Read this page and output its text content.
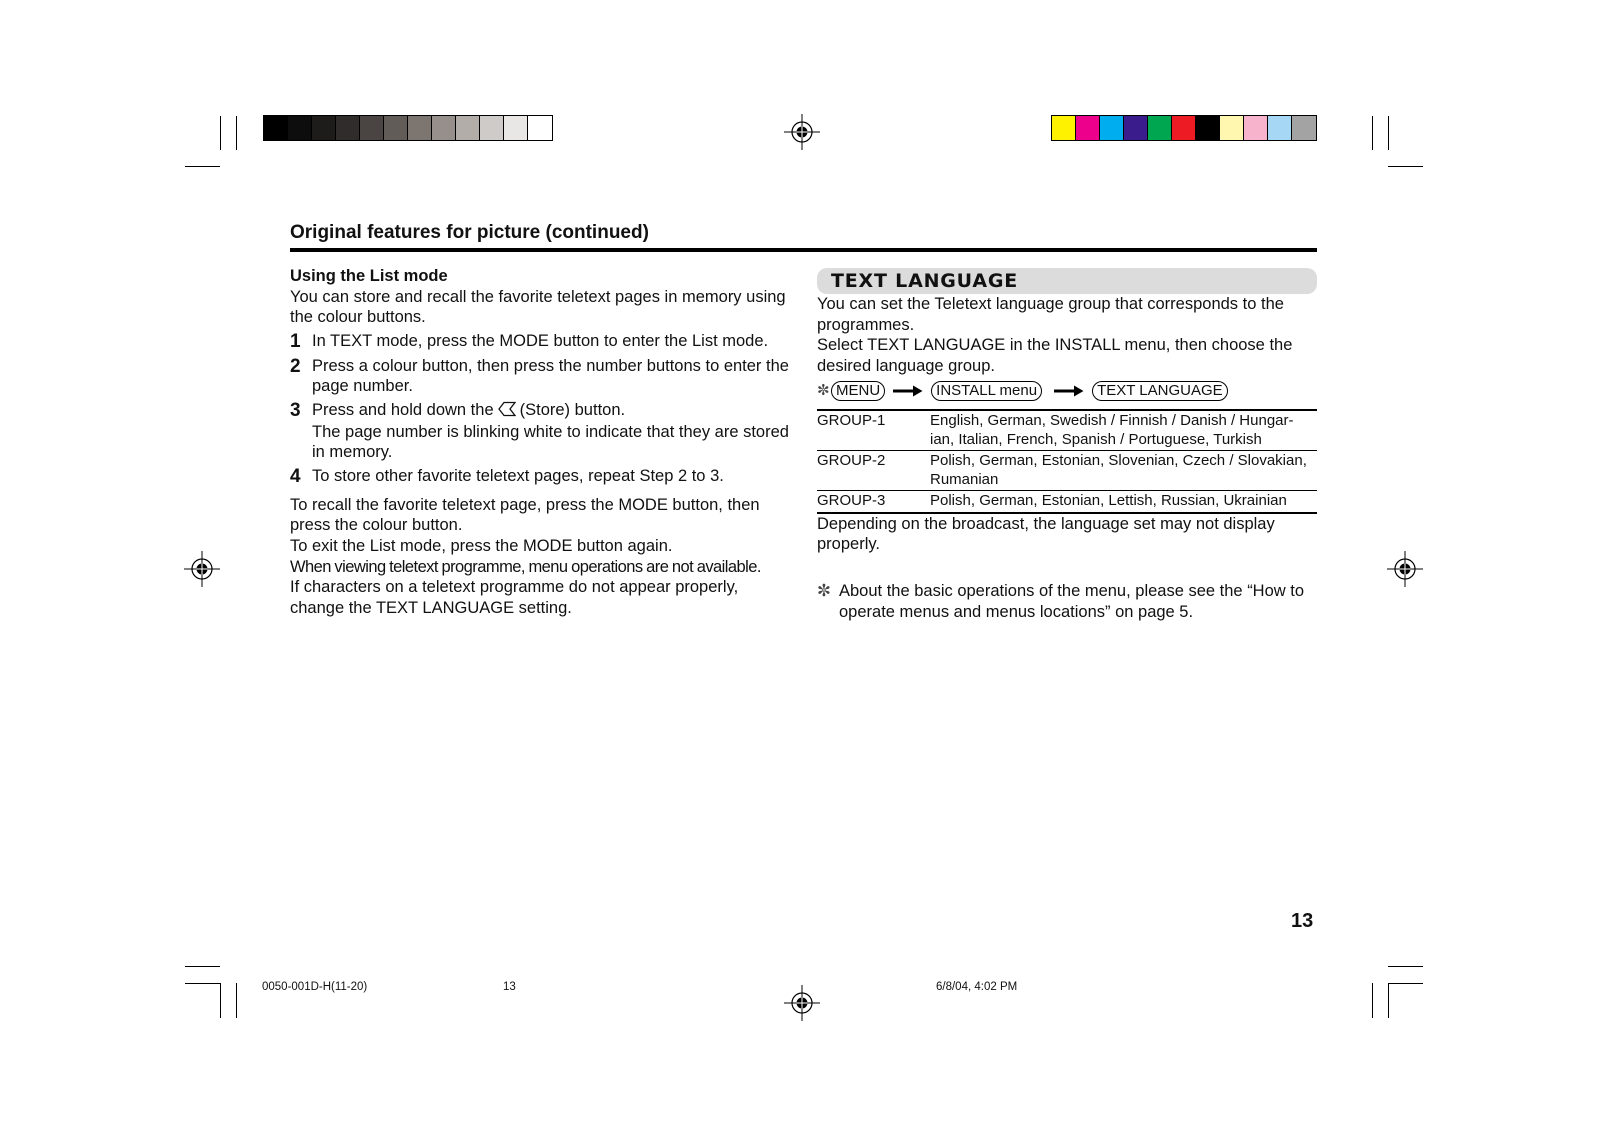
Original features for picture (continued)

Using the List mode

You can store and recall the favorite teletext pages in memory using the colour buttons.

1 In TEXT mode, press the MODE button to enter the List mode.
2 Press a colour button, then press the number buttons to enter the page number.
3 Press and hold down the (Store) button.
The page number is blinking white to indicate that they are stored in memory.
4 To store other favorite teletext pages, repeat Step 2 to 3.

To recall the favorite teletext page, press the MODE button, then press the colour button.

To exit the List mode, press the MODE button again.

When viewing teletext programme, menu operations are not available.

If characters on a teletext programme do not appear properly, change the TEXT LANGUAGE setting.

TEXT LANGUAGE

You can set the Teletext language group that corresponds to the programmes.

Select TEXT LANGUAGE in the INSTALL menu, then choose the desired language group.

✼ MENU	INSTALL menu	TEXT LANGUAGE
GROUP-1	English, German, Swedish / Finnish / Danish / Hungar-ian, Italian, French, Spanish / Portuguese, Turkish
GROUP-2	Polish, German, Estonian, Slovenian, Czech / Slovakian, Rumanian
GROUP-3	Polish, German, Estonian, Lettish, Russian, Ukrainian

Depending on the broadcast, the language set may not display properly.

✼ About the basic operations of the menu, please see the “How to operate menus and menus locations” on page 5.
13
0050-001D-H(11-20)	13	6/8/04, 4:02 PM
